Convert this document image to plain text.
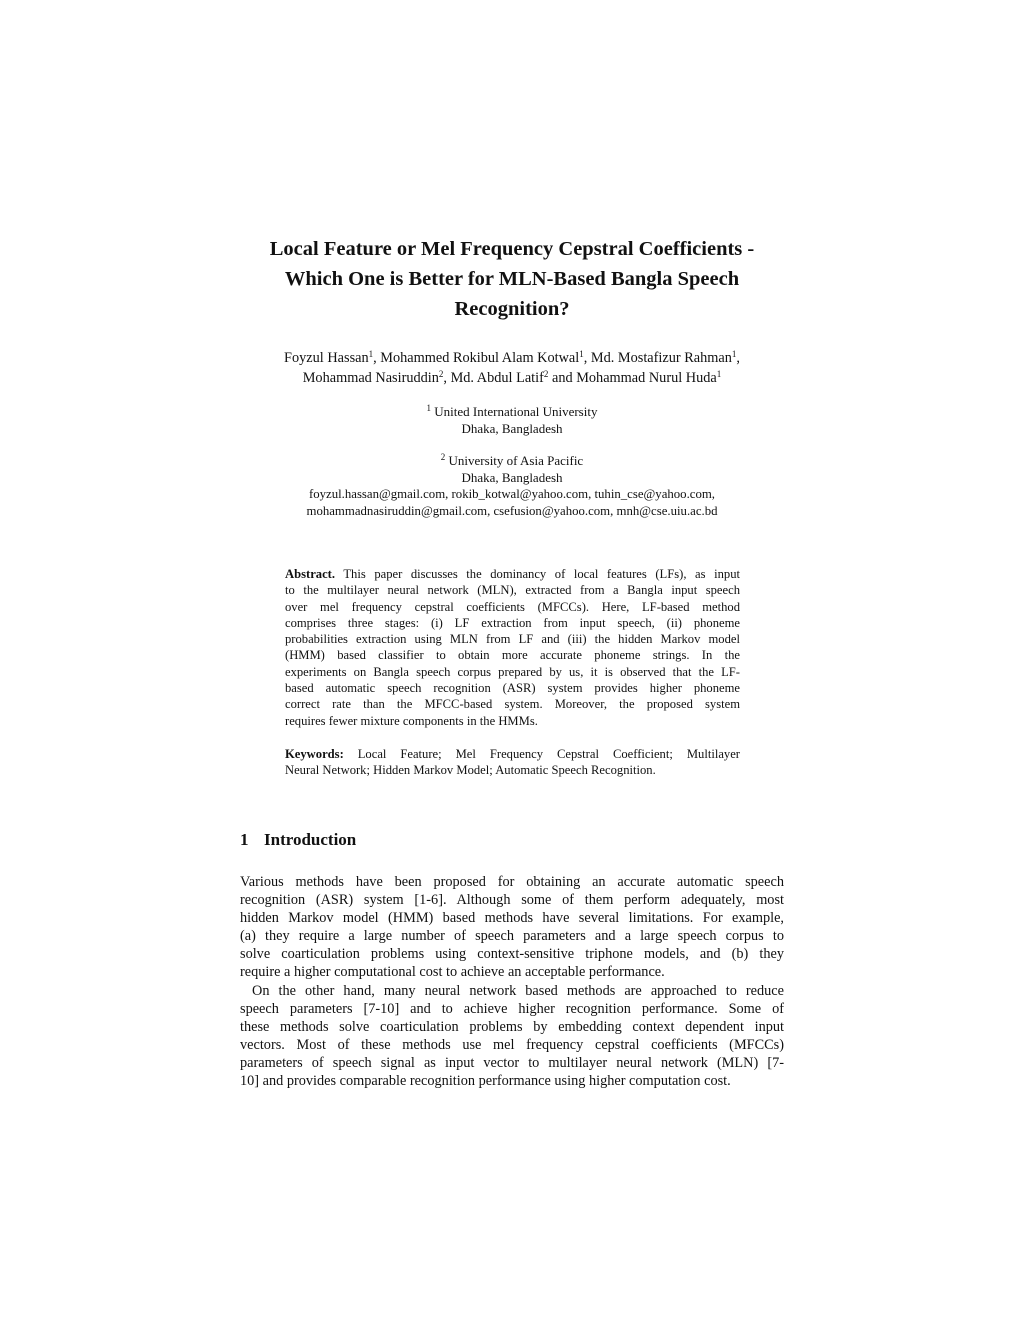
Local Feature or Mel Frequency Cepstral Coefficients -
Which One is Better for MLN-Based Bangla Speech
Recognition?
Foyzul Hassan$^1$, Mohammed Rokibul Alam Kotwal$^1$, Md. Mostafizur Rahman$^1$,
Mohammad Nasiruddin$^2$, Md. Abdul Latif$^2$ and Mohammad Nurul Huda$^1$
$^1$ United International University
Dhaka, Bangladesh
$^2$ University of Asia Pacific
Dhaka, Bangladesh
foyzul.hassan@gmail.com, rokib_kotwal@yahoo.com, tuhin_cse@yahoo.com,
mohammadnasiruddin@gmail.com, csefusion@yahoo.com, mnh@cse.uiu.ac.bd
Abstract. This paper discusses the dominancy of local features (LFs), as input
to the multilayer neural network (MLN), extracted from a Bangla input speech
over mel frequency cepstral coefficients (MFCCs). Here, LF-based method
comprises three stages: (i) LF extraction from input speech, (ii) phoneme
probabilities extraction using MLN from LF and (iii) the hidden Markov model
(HMM) based classifier to obtain more accurate phoneme strings. In the
experiments on Bangla speech corpus prepared by us, it is observed that the LF-
based automatic speech recognition (ASR) system provides higher phoneme
correct rate than the MFCC-based system. Moreover, the proposed system
requires fewer mixture components in the HMMs.
Keywords: Local Feature; Mel Frequency Cepstral Coefficient; Multilayer
Neural Network; Hidden Markov Model; Automatic Speech Recognition.
1 Introduction
Various methods have been proposed for obtaining an accurate automatic speech
recognition (ASR) system [1-6]. Although some of them perform adequately, most
hidden Markov model (HMM) based methods have several limitations. For example,
(a) they require a large number of speech parameters and a large speech corpus to
solve coarticulation problems using context-sensitive triphone models, and (b) they
require a higher computational cost to achieve an acceptable performance.
On the other hand, many neural network based methods are approached to reduce
speech parameters [7-10] and to achieve higher recognition performance. Some of
these methods solve coarticulation problems by embedding context dependent input
vectors. Most of these methods use mel frequency cepstral coefficients (MFCCs)
parameters of speech signal as input vector to multilayer neural network (MLN) [7-
10] and provides comparable recognition performance using higher computation cost.
